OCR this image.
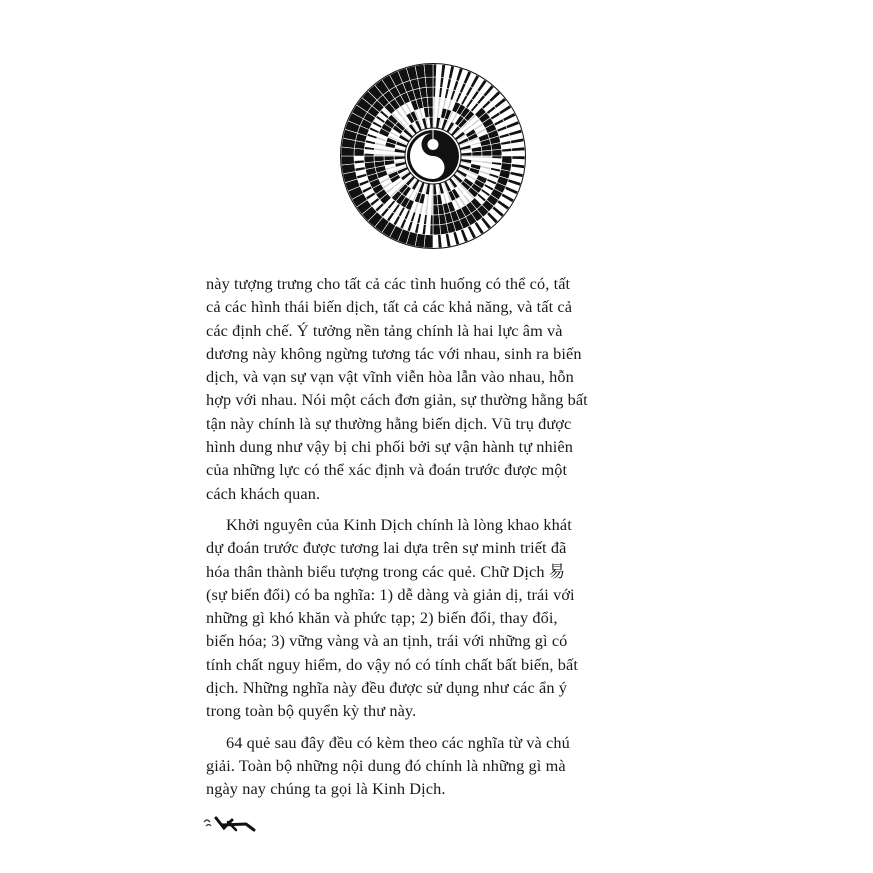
này tượng trưng cho tất cả các tình huống có thể có, tất
cả các hình thái biến dịch, tất cả các khả năng, và tất cả
các định chế. Ý tưởng nền tảng chính là hai lực âm và
dương này không ngừng tương tác với nhau, sinh ra biến
dịch, và vạn sự vạn vật vĩnh viễn hòa lẫn vào nhau, hỗn
hợp với nhau. Nói một cách đơn giản, sự thường hằng bất
tận này chính là sự thường hằng biến dịch. Vũ trụ được
hình dung như vậy bị chi phối bởi sự vận hành tự nhiên
của những lực có thể xác định và đoán trước được một
cách khách quan.
Khởi nguyên của Kinh Dịch chính là lòng khao khát
dự đoán trước được tương lai dựa trên sự minh triết đã
hóa thân thành biểu tượng trong các quẻ. Chữ Dịch 易
(sự biến đổi) có ba nghĩa: 1) dễ dàng và giản dị, trái với
những gì khó khăn và phức tạp; 2) biến đổi, thay đổi,
biến hóa; 3) vững vàng và an tịnh, trái với những gì có
tính chất nguy hiểm, do vậy nó có tính chất bất biến, bất
dịch. Những nghĩa này đều được sử dụng như các ẩn ý
trong toàn bộ quyển kỳ thư này.
64 quẻ sau đây đều có kèm theo các nghĩa từ và chú
giải. Toàn bộ những nội dung đó chính là những gì mà
ngày nay chúng ta gọi là Kinh Dịch.
